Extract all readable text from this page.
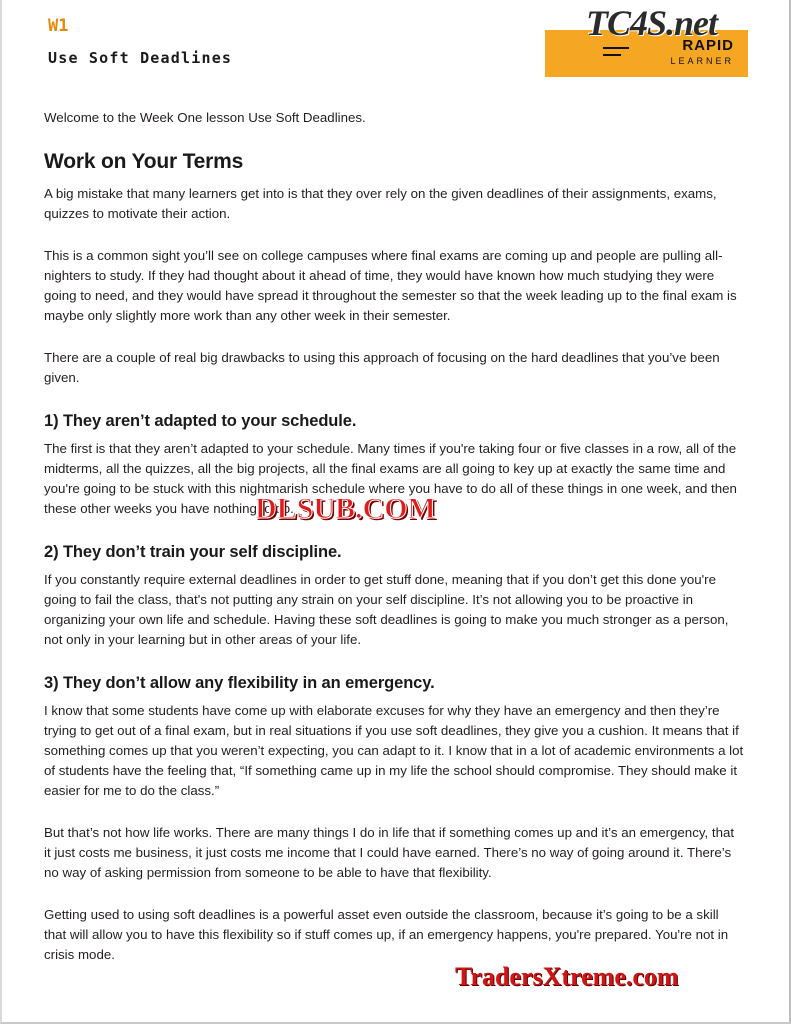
W1
Use Soft Deadlines
RAPID
LEARNER
TC4S.net

Welcome to the Week One lesson Use Soft Deadlines.

Work on Your Terms

A big mistake that many learners get into is that they over rely on the given deadlines of their assignments, exams, quizzes to motivate their action.

This is a common sight you’ll see on college campuses where final exams are coming up and people are pulling all-nighters to study. If they had thought about it ahead of time, they would have known how much studying they were going to need, and they would have spread it throughout the semester so that the week leading up to the final exam is maybe only slightly more work than any other week in their semester.

There are a couple of real big drawbacks to using this approach of focusing on the hard deadlines that you’ve been given.

1) They aren’t adapted to your schedule.

The first is that they aren’t adapted to your schedule. Many times if you're taking four or five classes in a row, all of the midterms, all the quizzes, all the big projects, all the final exams are all going to key up at exactly the same time and you're going to be stuck with this nightmarish schedule where you have to do all of these things in one week, and then these other weeks you have nothing to do.

2) They don’t train your self discipline.

If you constantly require external deadlines in order to get stuff done, meaning that if you don’t get this done you're going to fail the class, that's not putting any strain on your self discipline. It’s not allowing you to be proactive in organizing your own life and schedule. Having these soft deadlines is going to make you much stronger as a person, not only in your learning but in other areas of your life.

3) They don’t allow any flexibility in an emergency.

I know that some students have come up with elaborate excuses for why they have an emergency and then they’re trying to get out of a final exam, but in real situations if you use soft deadlines, they give you a cushion. It means that if something comes up that you weren’t expecting, you can adapt to it. I know that in a lot of academic environments a lot of students have the feeling that, “If something came up in my life the school should compromise. They should make it easier for me to do the class.”

But that’s not how life works. There are many things I do in life that if something comes up and it’s an emergency, that it just costs me business, it just costs me income that I could have earned. There’s no way of going around it. There’s no way of asking permission from someone to be able to have that flexibility.

Getting used to using soft deadlines is a powerful asset even outside the classroom, because it’s going to be a skill that will allow you to have this flexibility so if stuff comes up, if an emergency happens, you're prepared. You're not in crisis mode.

DLSUB.COM
TradersXtreme.com
